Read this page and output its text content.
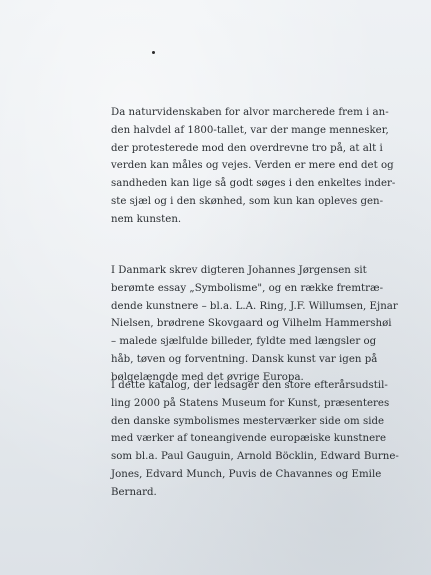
Da naturvidenskaben for alvor marcherede frem i an-
den halvdel af 1800-tallet, var der mange mennesker,
der protesterede mod den overdrevne tro på, at alt i
verden kan måles og vejes. Verden er mere end det og
sandheden kan lige så godt søges i den enkeltes inder-
ste sjæl og i den skønhed, som kun kan opleves gen-
nem kunsten.
I Danmark skrev digteren Johannes Jørgensen sit
berømte essay „Symbolisme", og en række fremtræ-
dende kunstnere – bl.a. L.A. Ring, J.F. Willumsen, Ejnar
Nielsen, brødrene Skovgaard og Vilhelm Hammershøi
– malede sjælfulde billeder, fyldte med længsler og
håb, tøven og forventning. Dansk kunst var igen på
bølgelængde med det øvrige Europa.
I dette katalog, der ledsager den store efterårsudstil-
ling 2000 på Statens Museum for Kunst, præsenteres
den danske symbolismes mesterværker side om side
med værker af toneangivende europæiske kunstnere
som bl.a. Paul Gauguin, Arnold Böcklin, Edward Burne-
Jones, Edvard Munch, Puvis de Chavannes og Emile
Bernard.
